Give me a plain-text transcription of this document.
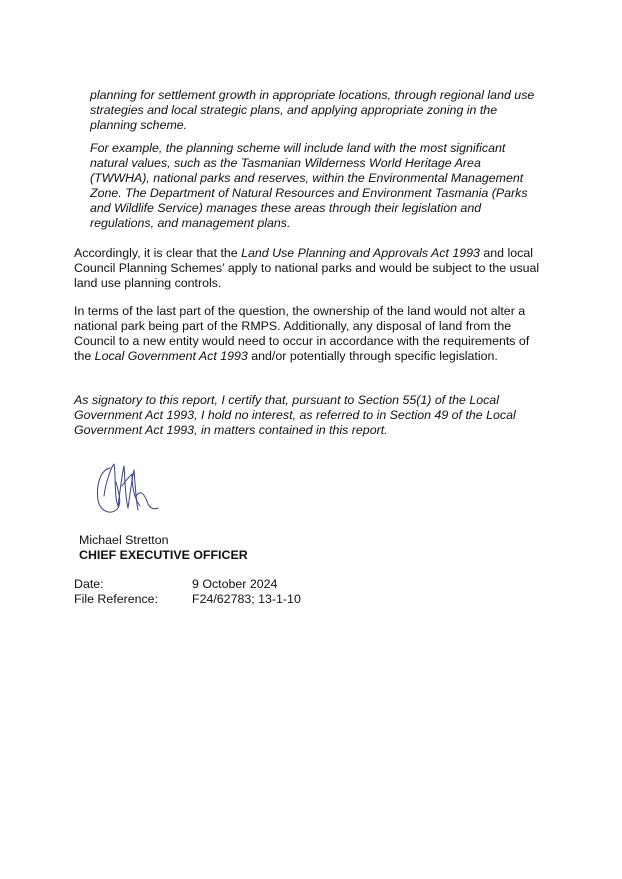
planning for settlement growth in appropriate locations, through regional land use
strategies and local strategic plans, and applying appropriate zoning in the
planning scheme.
For example, the planning scheme will include land with the most significant
natural values, such as the Tasmanian Wilderness World Heritage Area
(TWWHA), national parks and reserves, within the Environmental Management
Zone. The Department of Natural Resources and Environment Tasmania (Parks
and Wildlife Service) manages these areas through their legislation and
regulations, and management plans.
Accordingly, it is clear that the Land Use Planning and Approvals Act 1993 and local
Council Planning Schemes’ apply to national parks and would be subject to the usual
land use planning controls.
In terms of the last part of the question, the ownership of the land would not alter a
national park being part of the RMPS. Additionally, any disposal of land from the
Council to a new entity would need to occur in accordance with the requirements of
the Local Government Act 1993 and/or potentially through specific legislation.
As signatory to this report, I certify that, pursuant to Section 55(1) of the Local
Government Act 1993, I hold no interest, as referred to in Section 49 of the Local
Government Act 1993, in matters contained in this report.
Michael Stretton
CHIEF EXECUTIVE OFFICER
Date:	9 October 2024
File Reference:	F24/62783; 13-1-10
